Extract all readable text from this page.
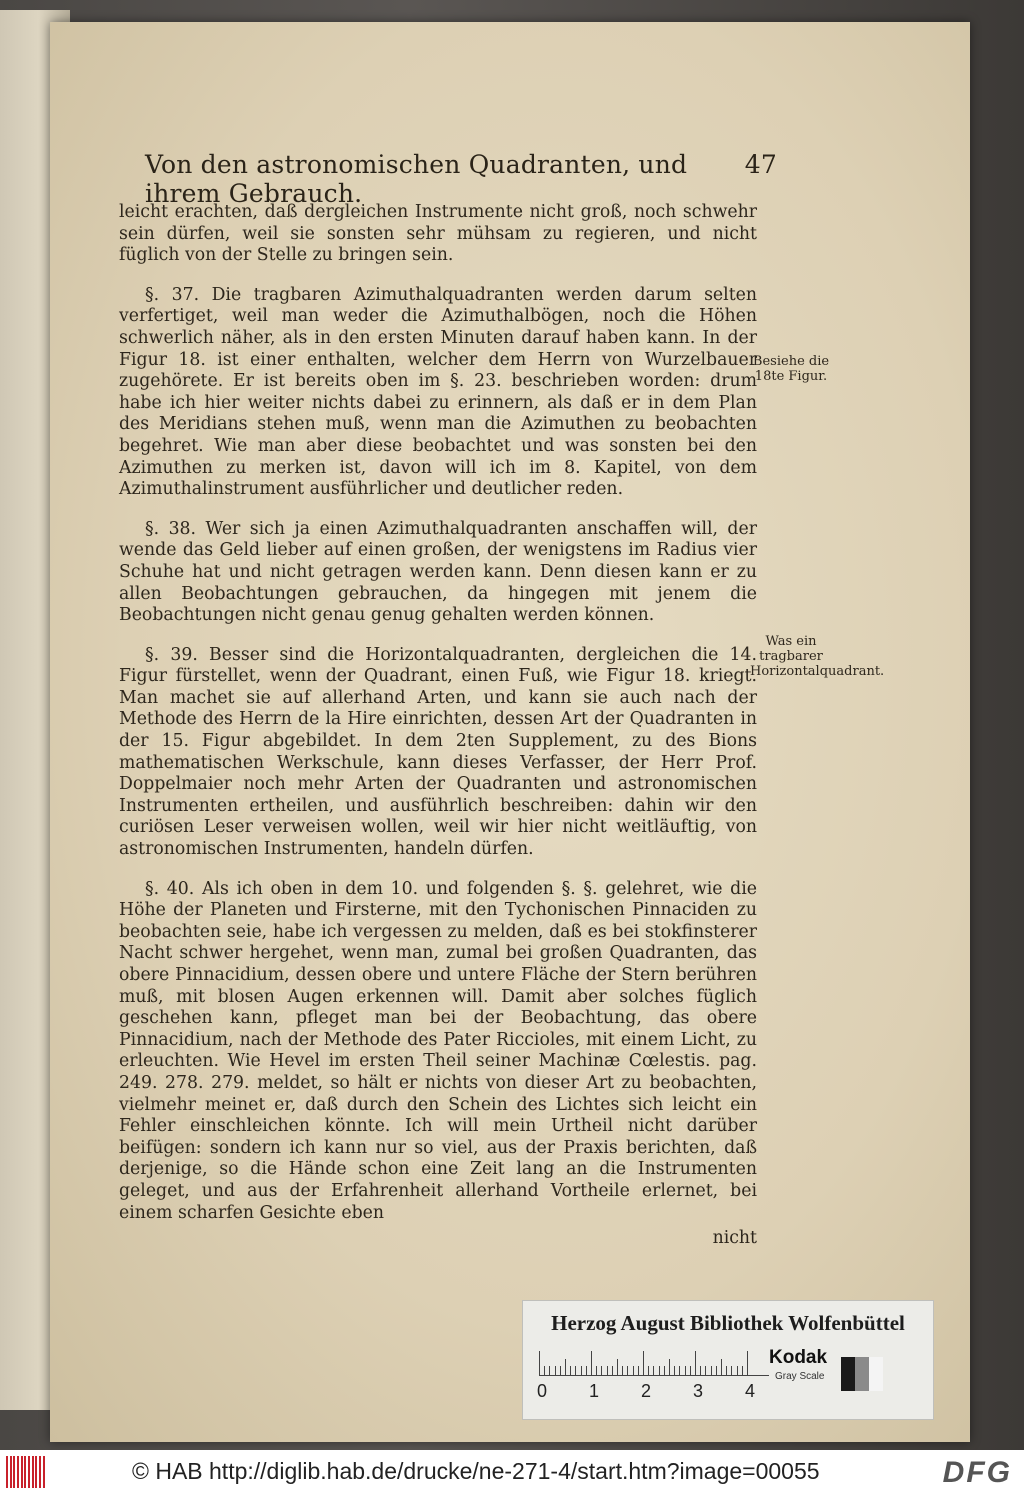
Von den astronomischen Quadranten, und ihrem Gebrauch.
47

leicht erachten, daß dergleichen Instrumente nicht groß, noch schwehr sein dürfen, weil sie sonsten sehr mühsam zu regieren, und nicht füglich von der Stelle zu bringen sein.

§. 37. Die tragbaren Azimuthalquadranten werden darum selten verfertiget, weil man weder die Azimuthalbögen, noch die Höhen schwerlich näher, als in den ersten Minuten darauf haben kann. In der Figur 18. ist einer enthalten, welcher dem Herrn von Wurzelbauer zugehörete. Er ist bereits oben im §. 23. beschrieben worden: drum habe ich hier weiter nichts dabei zu erinnern, als daß er in dem Plan des Meridians stehen muß, wenn man die Azimuthen zu beobachten begehret. Wie man aber diese beobachtet und was sonsten bei den Azimuthen zu merken ist, davon will ich im 8. Kapitel, von dem Azimuthalinstrument ausführlicher und deutlicher reden.

§. 38. Wer sich ja einen Azimuthalquadranten anschaffen will, der wende das Geld lieber auf einen großen, der wenigstens im Radius vier Schuhe hat und nicht getragen werden kann. Denn diesen kann er zu allen Beobachtungen gebrauchen, da hingegen mit jenem die Beobachtungen nicht genau genug gehalten werden können.

§. 39. Besser sind die Horizontalquadranten, dergleichen die 14. Figur fürstellet, wenn der Quadrant, einen Fuß, wie Figur 18. kriegt. Man machet sie auf allerhand Arten, und kann sie auch nach der Methode des Herrn de la Hire einrichten, dessen Art der Quadranten in der 15. Figur abgebildet. In dem 2ten Supplement, zu des Bions mathematischen Werkschule, kann dieses Verfasser, der Herr Prof. Doppelmaier noch mehr Arten der Quadranten und astronomischen Instrumenten ertheilen, und ausführlich beschreiben: dahin wir den curiösen Leser verweisen wollen, weil wir hier nicht weitläuftig, von astronomischen Instrumenten, handeln dürfen.

§. 40. Als ich oben in dem 10. und folgenden §. §. gelehret, wie die Höhe der Planeten und Firsterne, mit den Tychonischen Pinnaciden zu beobachten seie, habe ich vergessen zu melden, daß es bei stokfinsterer Nacht schwer hergehet, wenn man, zumal bei großen Quadranten, das obere Pinnacidium, dessen obere und untere Fläche der Stern berühren muß, mit blosen Augen erkennen will. Damit aber solches füglich geschehen kann, pfleget man bei der Beobachtung, das obere Pinnacidium, nach der Methode des Pater Riccioles, mit einem Licht, zu erleuchten. Wie Hevel im ersten Theil seiner Machinæ Cœlestis. pag. 249. 278. 279. meldet, so hält er nichts von dieser Art zu beobachten, vielmehr meinet er, daß durch den Schein des Lichtes sich leicht ein Fehler einschleichen könnte. Ich will mein Urtheil nicht darüber beifügen: sondern ich kann nur so viel, aus der Praxis berichten, daß derjenige, so die Hände schon eine Zeit lang an die Instrumenten geleget, und aus der Erfahrenheit allerhand Vortheile erlernet, bei einem scharfen Gesichte eben

nicht
Besiehe die 18te Figur.
Was ein tragbarer Horizontalquadrant.
Herzog August Bibliothek Wolfenbüttel
0 1 2 3 4
Kodak
Gray Scale
© HAB http://diglib.hab.de/drucke/ne-271-4/start.htm?image=00055	DFG
